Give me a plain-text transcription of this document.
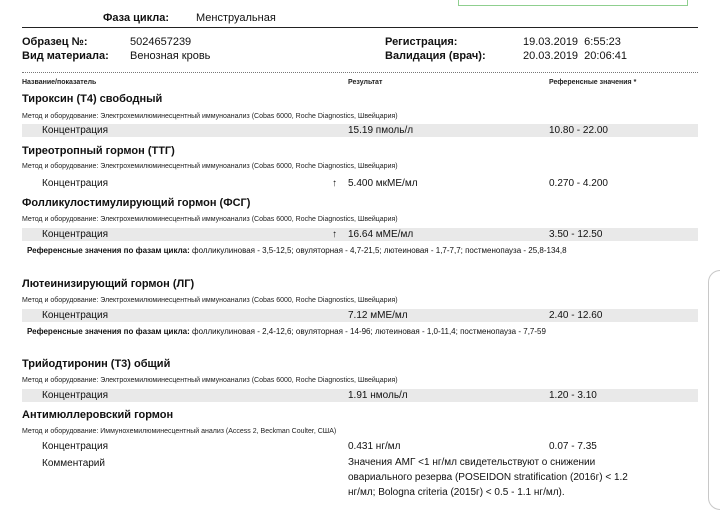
Фаза цикла: Менструальная
Образец №:	5024657239
Вид материала: Венозная кровь
Регистрация:	19.03.2019  6:55:23
Валидация (врач):	20.03.2019  20:06:41
Название/показатель	Результат	Референсные значения *
Тироксин (Т4) свободный
Метод и оборудование: Электрохемилюминесцентный иммуноанализ (Cobas 6000, Roche Diagnostics, Швейцария)
Концентрация	15.19 пмоль/л	10.80 - 22.00
Тиреотропный гормон (ТТГ)
Метод и оборудование: Электрохемилюминесцентный иммуноанализ (Cobas 6000, Roche Diagnostics, Швейцария)
Концентрация	↑ 5.400 мкМЕ/мл	0.270 - 4.200
Фолликулостимулирующий гормон (ФСГ)
Метод и оборудование: Электрохемилюминесцентный иммуноанализ (Cobas 6000, Roche Diagnostics, Швейцария)
Концентрация	↑ 16.64 мМЕ/мл	3.50 - 12.50
Референсные значения по фазам цикла: фолликулиновая - 3,5-12,5; овуляторная - 4,7-21,5; лютеиновая - 1,7-7,7; постменопауза - 25,8-134,8
Лютеинизирующий гормон (ЛГ)
Метод и оборудование: Электрохемилюминесцентный иммуноанализ (Cobas 6000, Roche Diagnostics, Швейцария)
Концентрация	7.12 мМЕ/мл	2.40 - 12.60
Референсные значения по фазам цикла: фолликулиновая - 2,4-12,6; овуляторная - 14-96; лютеиновая - 1,0-11,4; постменопауза - 7,7-59
Трийодтиронин (Т3) общий
Метод и оборудование: Электрохемилюминесцентный иммуноанализ (Cobas 6000, Roche Diagnostics, Швейцария)
Концентрация	1.91 нмоль/л	1.20 - 3.10
Антимюллеровский гормон
Метод и оборудование: Иммунохемилюминесцентный анализ (Access 2, Beckman Coulter, США)
Концентрация	0.431 нг/мл	0.07 - 7.35
Комментарий	Значения АМГ <1 нг/мл свидетельствуют о снижении овариального резерва (POSEIDON stratification (2016г) < 1.2 нг/мл; Bologna criteria (2015г) < 0.5 - 1.1 нг/мл).
